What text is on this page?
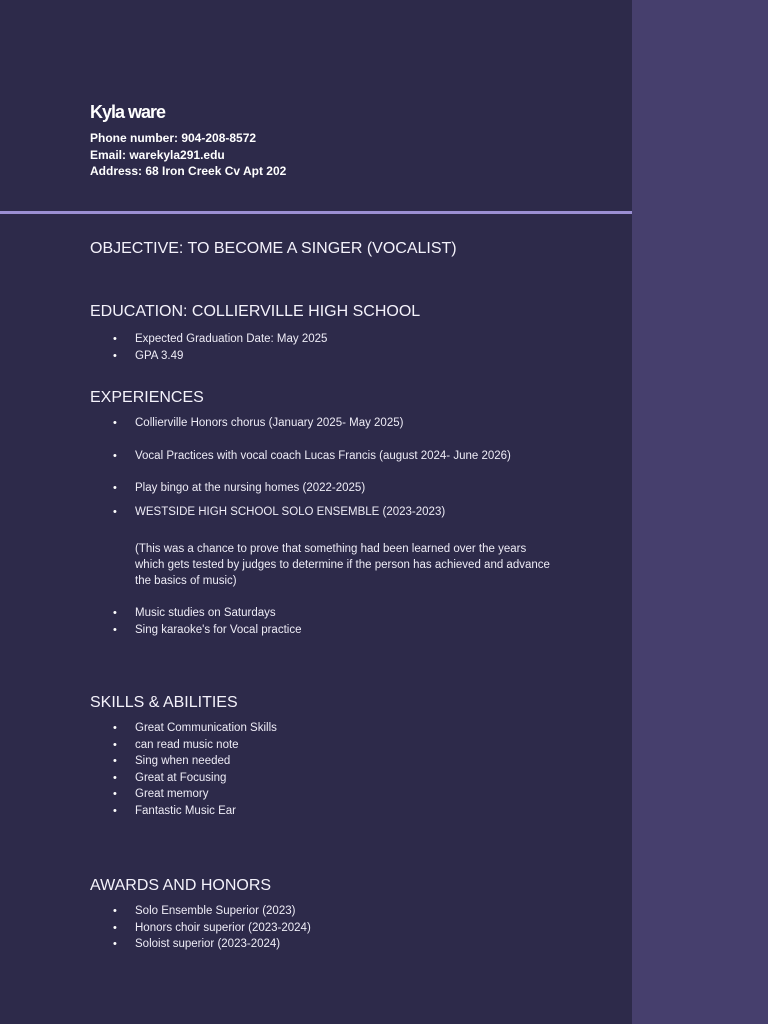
Kyla ware

Phone number: 904-208-8572

Email: warekyla291.edu

Address: 68 Iron Creek Cv Apt 202

OBJECTIVE: TO BECOME A SINGER (VOCALIST)
EDUCATION: COLLIERVILLE HIGH SCHOOL
• Expected Graduation Date: May 2025
• GPA 3.49
EXPERIENCES
• Collierville Honors chorus (January 2025- May 2025)
• Vocal Practices with vocal coach Lucas Francis (august 2024- June 2026)
• Play bingo at the nursing homes (2022-2025)
• WESTSIDE HIGH SCHOOL SOLO ENSEMBLE (2023-2023)

(This was a chance to prove that something had been learned over the years which gets tested by judges to determine if the person has achieved and advance the basics of music)

• Music studies on Saturdays
• Sing karaoke's for Vocal practice
SKILLS & ABILITIES
• Great Communication Skills
• can read music note
• Sing when needed
• Great at Focusing
• Great memory
• Fantastic Music Ear
AWARDS AND HONORS
• Solo Ensemble Superior (2023)
• Honors choir superior (2023-2024)
• Soloist superior (2023-2024)
